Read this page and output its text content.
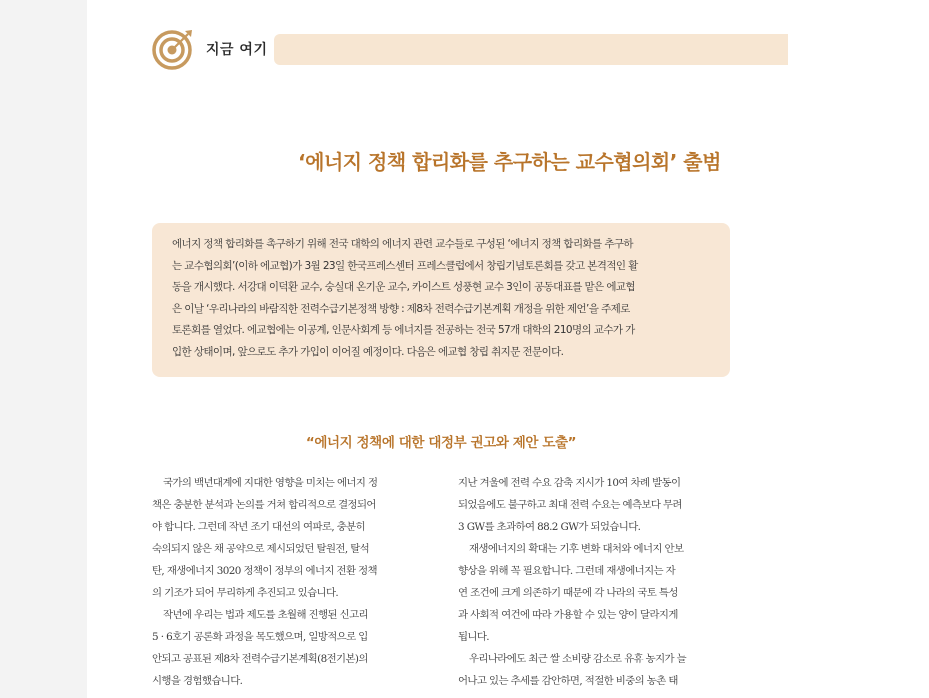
지금 여기
‘에너지 정책 합리화를 추구하는 교수협의회’ 출범
에너지 정책 합리화를 촉구하기 위해 전국 대학의 에너지 관련 교수들로 구성된 ‘에너지 정책 합리화를 추구하
는 교수협의회’(이하 에교협)가 3월 23일 한국프레스센터 프레스클럽에서 창립기념토론회를 갖고 본격적인 활
동을 개시했다. 서강대 이덕환 교수, 숭실대 온기운 교수, 카이스트 성풍현 교수 3인이 공동대표를 맡은 에교협
은 이날 ‘우리나라의 바람직한 전력수급기본정책 방향 : 제8차 전력수급기본계획 개정을 위한 제언’을 주제로
토론회를 열었다. 에교협에는 이공계, 인문사회계 등 에너지를 전공하는 전국 57개 대학의 210명의 교수가 가
입한 상태이며, 앞으로도 추가 가입이 이어질 예정이다. 다음은 에교협 창립 취지문 전문이다.
“에너지 정책에 대한 대정부 권고와 제안 도출”
국가의 백년대계에 지대한 영향을 미치는 에너지 정
책은 충분한 분석과 논의를 거쳐 합리적으로 결정되어
야 합니다. 그런데 작년 조기 대선의 여파로, 충분히
숙의되지 않은 채 공약으로 제시되었던 탈원전, 탈석
탄, 재생에너지 3020 정책이 정부의 에너지 전환 정책
의 기조가 되어 무리하게 추진되고 있습니다.
작년에 우리는 법과 제도를 초월해 진행된 신고리
5 · 6호기 공론화 과정을 목도했으며, 일방적으로 입
안되고 공표된 제8차 전력수급기본계획(8전기본)의
시행을 경험했습니다.
지난 겨울에 전력 수요 감축 지시가 10여 차례 발동이
되었음에도 불구하고 최대 전력 수요는 예측보다 무려
3 GW를 초과하여 88.2 GW가 되었습니다.
재생에너지의 확대는 기후 변화 대처와 에너지 안보
향상을 위해 꼭 필요합니다. 그런데 재생에너지는 자
연 조건에 크게 의존하기 때문에 각 나라의 국토 특성
과 사회적 여건에 따라 가용할 수 있는 양이 달라지게
됩니다.
우리나라에도 최근 쌀 소비량 감소로 유휴 농지가 늘
어나고 있는 추세를 감안하면, 적절한 비중의 농촌 태
